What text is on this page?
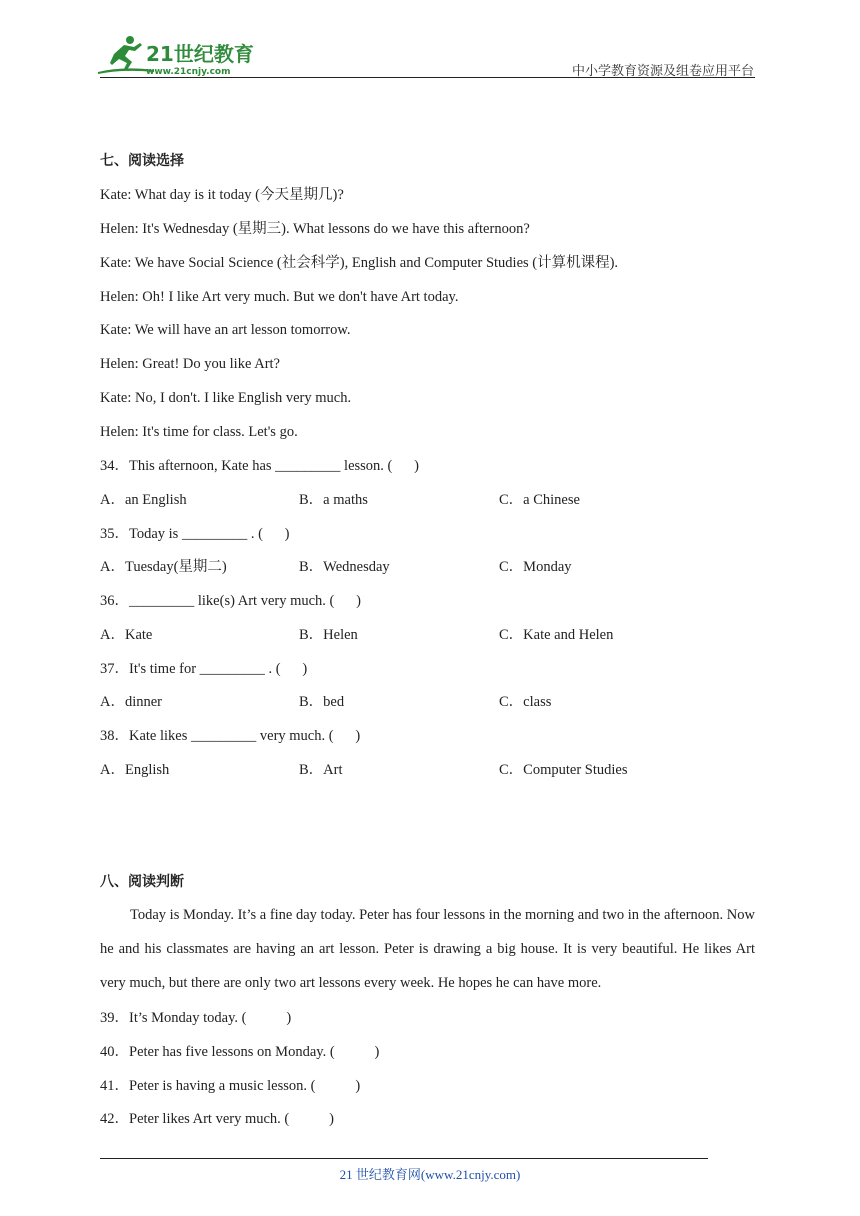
21世纪教育
www.21cnjy.com	中小学教育资源及组卷应用平台
七、阅读选择
Kate: What day is it today (今天星期几)?
Helen: It's Wednesday (星期三). What lessons do we have this afternoon?
Kate: We have Social Science (社会科学), English and Computer Studies (计算机课程).
Helen: Oh! I like Art very much. But we don't have Art today.
Kate: We will have an art lesson tomorrow.
Helen: Great! Do you like Art?
Kate: No, I don't. I like English very much.
Helen: It's time for class. Let's go.
34．This afternoon, Kate has _________ lesson. (      )
A．an English	B．a maths	C．a Chinese
35．Today is _________ . (      )
A．Tuesday(星期二)	B．Wednesday	C．Monday
36．_________ like(s) Art very much. (      )
A．Kate	B．Helen	C．Kate and Helen
37．It's time for _________ . (      )
A．dinner	B．bed	C．class
38．Kate likes _________ very much. (      )
A．English	B．Art	C．Computer Studies
八、阅读判断
Today is Monday. It’s a fine day today. Peter has four lessons in the morning and two in the afternoon. Now he and his classmates are having an art lesson. Peter is drawing a big house. It is very beautiful. He likes Art very much, but there are only two art lessons every week. He hopes he can have more.
39．It’s Monday today. (           )
40．Peter has five lessons on Monday. (           )
41．Peter is having a music lesson. (           )
42．Peter likes Art very much. (           )
21 世纪教育网(www.21cnjy.com)
